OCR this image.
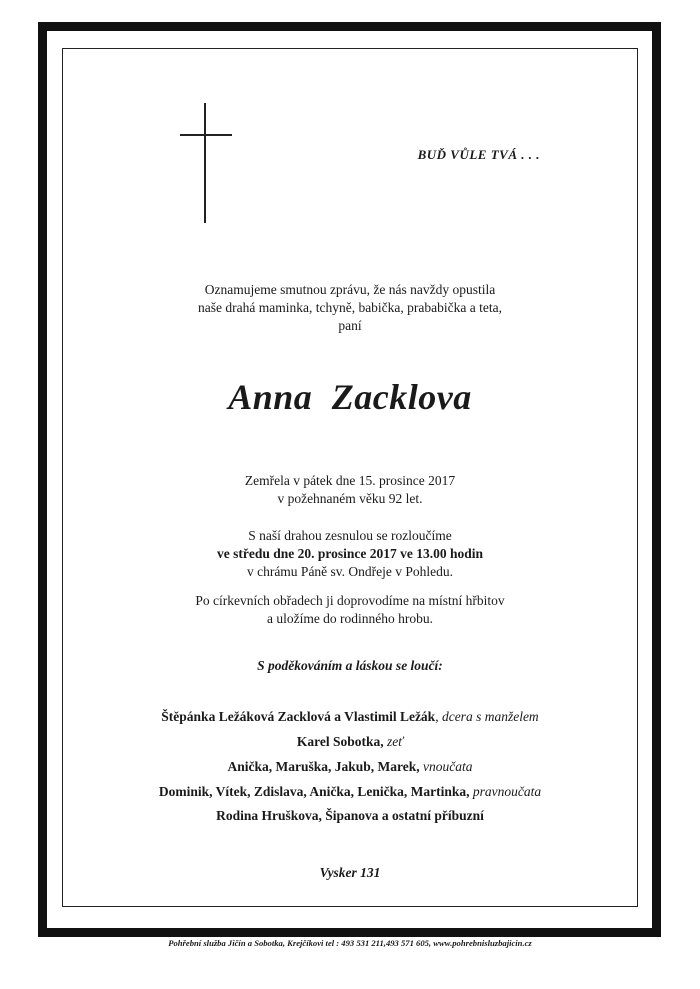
BUĎ VŮLE TVÁ . . .
Oznamujeme smutnou zprávu, že nás navždy opustila
naše drahá maminka, tchyně, babička, prababička a teta,
paní
Anna Zacklova
Zemřela v pátek dne 15. prosince 2017
v požehnaném věku 92 let.
S naší drahou zesnulou se rozloučíme
ve středu dne 20. prosince 2017 ve 13.00 hodin
v chrámu Páně sv. Ondřeje v Pohledu.
Po církevních obřadech ji doprovodíme na místní hřbitov
a uložíme do rodinného hrobu.
S poděkováním a láskou se loučí:
Štěpánka Ležáková Zacklová a Vlastimil Ležák, dcera s manželem
Karel Sobotka, zeť
Anička, Maruška, Jakub, Marek, vnoučata
Dominik, Vítek, Zdislava, Anička, Lenička, Martinka, pravnoučata
Rodina Hruškova, Šipanova a ostatní příbuzní
Vysker 131
Pohřební služba Jičín a Sobotka, Krejčíkovi tel : 493 531 211,493 571 605, www.pohrebnisluzbajicin.cz
